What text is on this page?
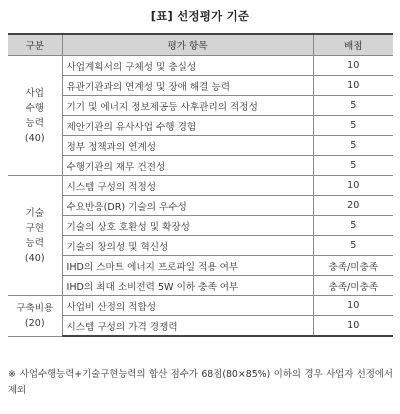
[표] 선정평가 기준
구분	평가 항목	배점
사업
수행
능력
(40)	사업계획서의 구체성 및 충실성	10
	유관기관과의 연계성 및 장애 해결 능력	10
	기기 및 에너지 정보제공등 사후관리의 적정성	5
	제안기관의 유사사업 수행 경험	5
	정부 정책과의 연계성	5
	수행기관의 재무 건전성	5
기술
구현
능력
(40)	시스템 구성의 적정성	10
	수요반응(DR) 기술의 우수성	20
	기술의 상호 호환성 및 확장성	5
	기술의 창의성 및 혁신성	5
	IHD의 스마트 에너지 프로파일 적용 여부	충족/미충족
	IHD의 최대 소비전력 5W 이하 충족 여부	충족/미충족
구축비용
(20)	사업비 산정의 적합성	10
	시스템 구성의 가격 경쟁력	10
※ 사업수행능력+기술구현능력의 합산 점수가 68점(80×85%) 이하의 경우 사업자 선정에서 제외
